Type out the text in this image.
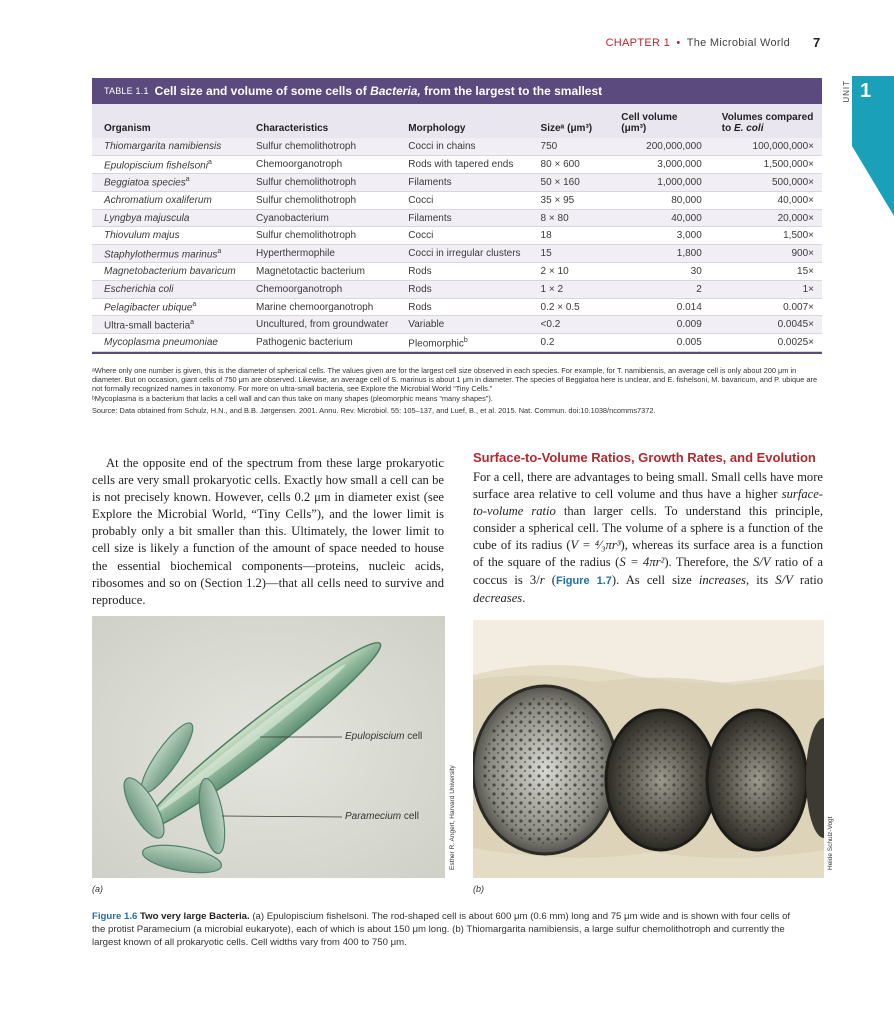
CHAPTER 1 • The Microbial World 7
UNIT 1
TABLE 1.1 Cell size and volume of some cells of Bacteria, from the largest to the smallest
Organism	Characteristics	Morphology	Sizeᵃ (μm³)	Cell volume (μm³)	Volumes compared
to E. coli
Thiomargarita namibiensis	Sulfur chemolithotroph	Cocci in chains	750	200,000,000	100,000,000×
Epulopiscium fishelsoni$^a$	Chemoorganotroph	Rods with tapered ends	80 × 600	3,000,000	1,500,000×
Beggiatoa species$^a$	Sulfur chemolithotroph	Filaments	50 × 160	1,000,000	500,000×
Achromatium oxaliferum	Sulfur chemolithotroph	Cocci	35 × 95	80,000	40,000×
Lyngbya majuscula	Cyanobacterium	Filaments	8 × 80	40,000	20,000×
Thiovulum majus	Sulfur chemolithotroph	Cocci	18	3,000	1,500×
Staphylothermus marinus$^a$	Hyperthermophile	Cocci in irregular clusters	15	1,800	900×
Magnetobacterium bavaricum	Magnetotactic bacterium	Rods	2 × 10	30	15×
Escherichia coli	Chemoorganotroph	Rods	1 × 2	2	1×
Pelagibacter ubique$^a$	Marine chemoorganotroph	Rods	0.2 × 0.5	0.014	0.007×
Ultra-small bacteria$^a$	Uncultured, from groundwater	Variable	<0.2	0.009	0.0045×
Mycoplasma pneumoniae	Pathogenic bacterium	Pleomorphic$^b$	0.2	0.005	0.0025×

ᵃWhere only one number is given, this is the diameter of spherical cells. The values given are for the largest cell size observed in each species. For example, for T. namibiensis, an average cell is only about 200 μm in diameter. But on occasion, giant cells of 750 μm are observed. Likewise, an average cell of S. marinus is about 1 μm in diameter. The species of Beggiatoa here is unclear, and E. fishelsoni, M. bavaricum, and P. ubique are not formally recognized names in taxonomy. For more on ultra-small bacteria, see Explore the Microbial World “Tiny Cells.”

ᵇMycoplasma is a bacterium that lacks a cell wall and can thus take on many shapes (pleomorphic means “many shapes”).

Source: Data obtained from Schulz, H.N., and B.B. Jørgensen. 2001. Annu. Rev. Microbiol. 55: 105–137, and Luef, B., et al. 2015. Nat. Commun. doi:10.1038/ncomms7372.

At the opposite end of the spectrum from these large prokaryotic cells are very small prokaryotic cells. Exactly how small a cell can be is not precisely known. However, cells 0.2 μm in diameter exist (see Explore the Microbial World, “Tiny Cells”), and the lower limit is probably only a bit smaller than this. Ultimately, the lower limit to cell size is likely a function of the amount of space needed to house the essential biochemical components—proteins, nucleic acids, ribosomes and so on (Section 1.2)—that all cells need to survive and reproduce.
Surface-to-Volume Ratios, Growth Rates, and Evolution

For a cell, there are advantages to being small. Small cells have more surface area relative to cell volume and thus have a higher surface-to-volume ratio than larger cells. To understand this principle, consider a spherical cell. The volume of a sphere is a function of the cube of its radius (V = ⁴⁄₃πr³), whereas its surface area is a function of the square of the radius (S = 4πr²). Therefore, the S/V ratio of a coccus is 3/r (Figure 1.7). As cell size increases, its S/V ratio decreases.

Epulopiscium cell
Paramecium cell	Esther R. Angert, Harvard University
(a)
Heide Schulz-Vogt
(b)
Figure 1.6 Two very large Bacteria. (a) Epulopiscium fishelsoni. The rod-shaped cell is about 600 μm (0.6 mm) long and 75 μm wide and is shown with four cells of the protist Paramecium (a microbial eukaryote), each of which is about 150 μm long. (b) Thiomargarita namibiensis, a large sulfur chemolithotroph and currently the largest known of all prokaryotic cells. Cell widths vary from 400 to 750 μm.
